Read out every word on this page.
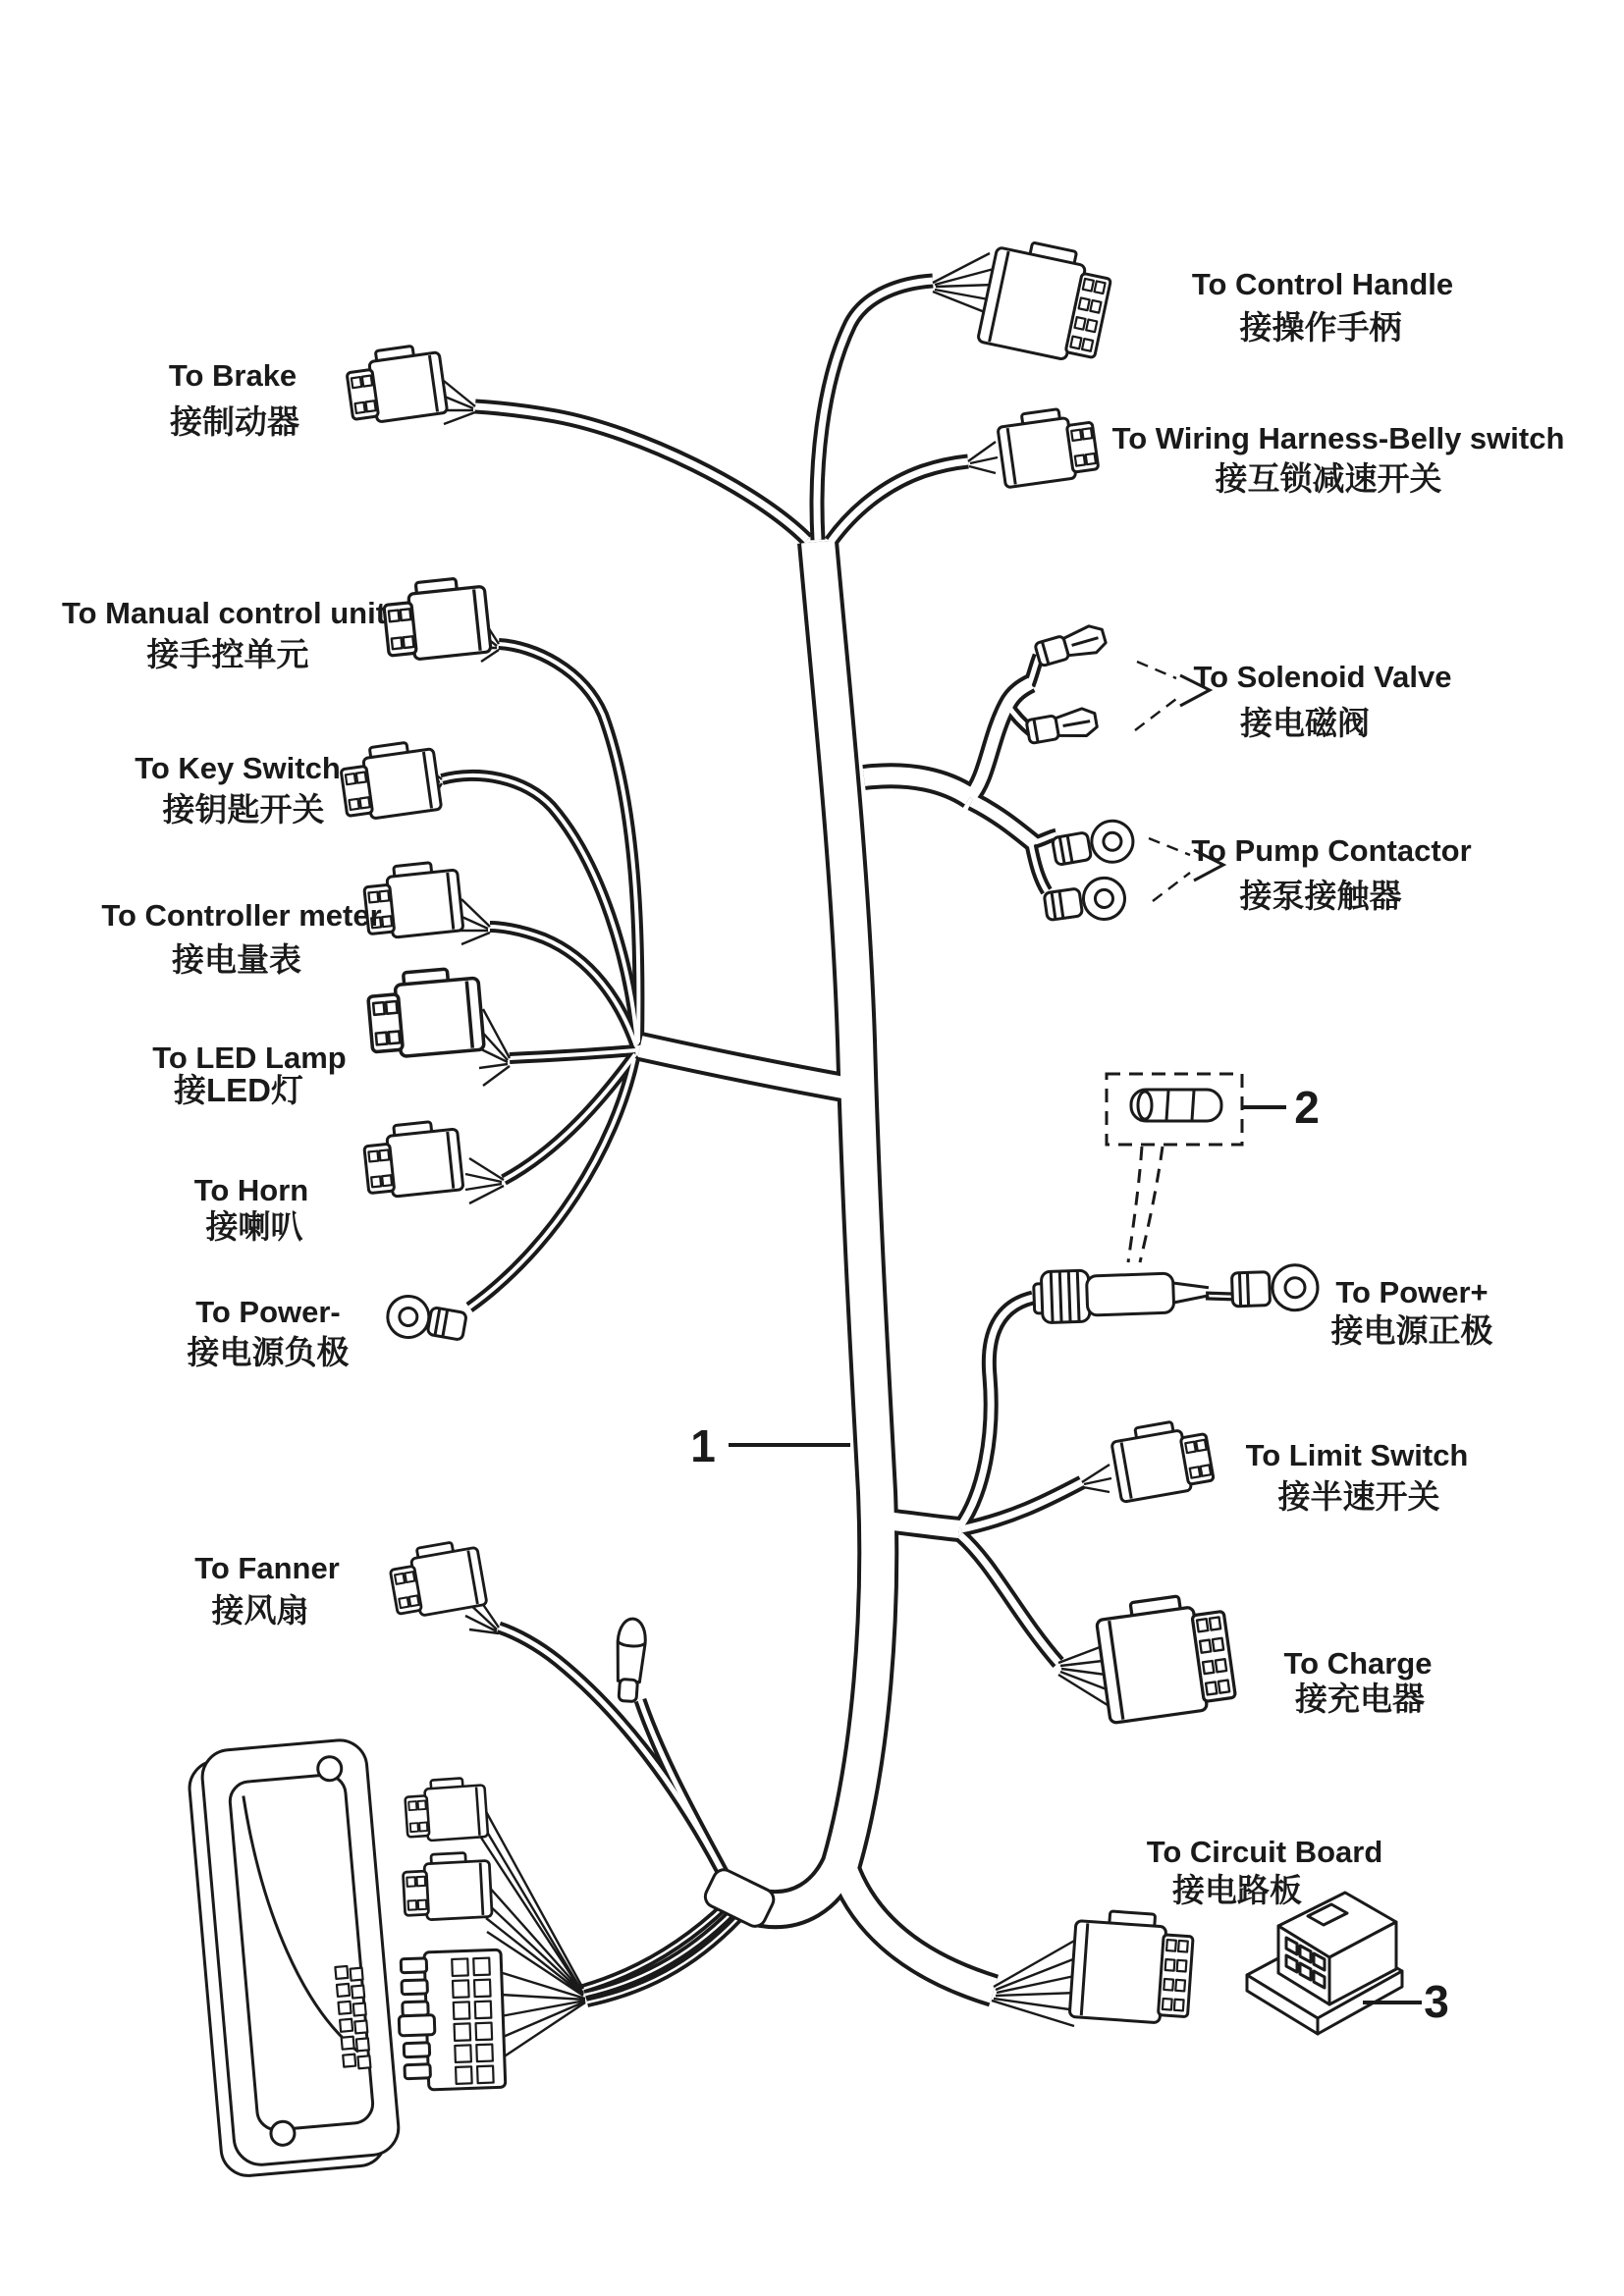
1
2
3
To Control Handle
接操作手柄
To Brake
接制动器	To Wiring Harness-Belly switch
接互锁减速开关
To Manual control unit
接手控单元
To Solenoid Valve
接电磁阀
To Key Switch
接钥匙开关
To Pump Contactor
接泵接触器
To Controller meter
接电量表
To LED Lamp
接LED灯
To Horn
接喇叭
To Power-
接电源负极
To Power+
接电源正极
To Limit Switch
接半速开关
To Fanner
接风扇
To Charge
接充电器
To Circuit Board
接电路板
